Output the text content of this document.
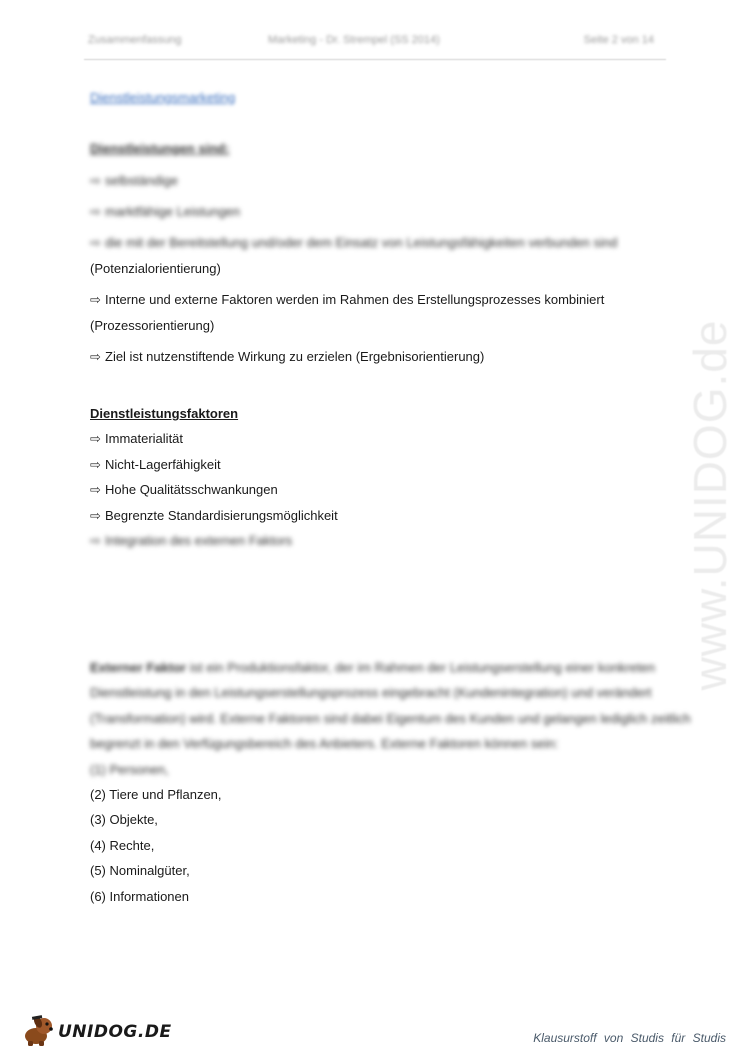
Zusammenfassung	Marketing - Dr. Strempel (SS 2014)	Seite 2 von 14
Dienstleistungsmarketing
Dienstleistungen sind:
⇨ selbständige
⇨ marktfähige Leistungen
⇨ die mit der Bereitstellung und/oder dem Einsatz von Leistungsfähigkeiten verbunden sind
(Potenzialorientierung)
⇨ Interne und externe Faktoren werden im Rahmen des Erstellungsprozesses kombiniert
(Prozessorientierung)
⇨ Ziel ist nutzenstiftende Wirkung zu erzielen (Ergebnisorientierung)
Dienstleistungsfaktoren
⇨ Immaterialität
⇨ Nicht-Lagerfähigkeit
⇨ Hohe Qualitätsschwankungen
⇨ Begrenzte Standardisierungsmöglichkeit
⇨ Integration des externen Faktors
Externer Faktor ist ein Produktionsfaktor, der im Rahmen der Leistungserstellung einer konkreten
Dienstleistung in den Leistungserstellungsprozess eingebracht (Kundenintegration) und verändert
(Transformation) wird. Externe Faktoren sind dabei Eigentum des Kunden und gelangen lediglich zeitlich
begrenzt in den Verfügungsbereich des Anbieters. Externe Faktoren können sein:
(1) Personen,
(2) Tiere und Pflanzen,
(3) Objekte,
(4) Rechte,
(5) Nominalgüter,
(6) Informationen
www.UNIDOG.de
UNIDOG.DE	Klausurstoff von Studis für Studis
